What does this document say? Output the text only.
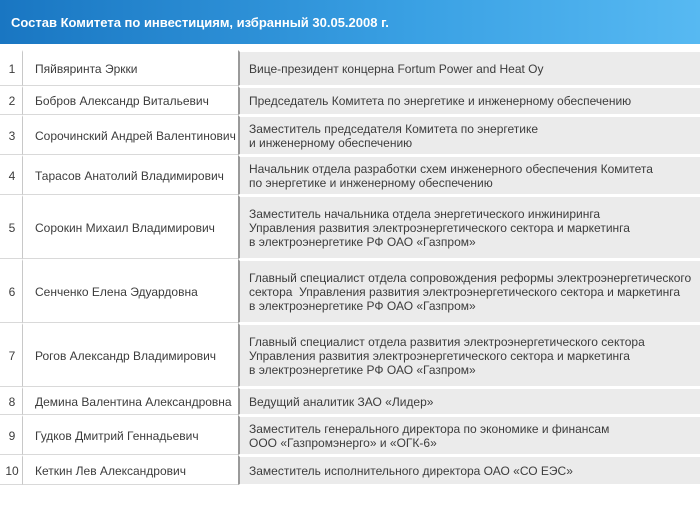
Состав Комитета по инвестициям, избранный 30.05.2008 г.
1	Пяйвяринта Эркки	Вице-президент концерна Fortum Power and Heat Oy

2	Бобров Александр Витальевич	Председатель Комитета по энергетике и инженерному обеспечению

3	Сорочинский Андрей Валентинович	Заместитель председателя Комитета по энергетике
и инженерному обеспечению

4	Тарасов Анатолий Владимирович	Начальник отдела разработки схем инженерного обеспечения Комитета
по энергетике и инженерному обеспечению

5	Сорокин Михаил Владимирович	Заместитель начальника отдела энергетического инжиниринга
Управления развития электроэнергетического сектора и маркетинга
в электроэнергетике РФ ОАО «Газпром»

6	Сенченко Елена Эдуардовна	Главный специалист отдела сопровождения реформы электроэнергетического
сектора  Управления развития электроэнергетического сектора и маркетинга
в электроэнергетике РФ ОАО «Газпром»

7	Рогов Александр Владимирович	Главный специалист отдела развития электроэнергетического сектора
Управления развития электроэнергетического сектора и маркетинга
в электроэнергетике РФ ОАО «Газпром»

8	Демина Валентина Александровна	Ведущий аналитик ЗАО «Лидер»

9	Гудков Дмитрий Геннадьевич	Заместитель генерального директора по экономике и финансам
ООО «Газпромэнерго» и «ОГК-6»

10	Кеткин Лев Александрович	Заместитель исполнительного директора ОАО «СО ЕЭС»
